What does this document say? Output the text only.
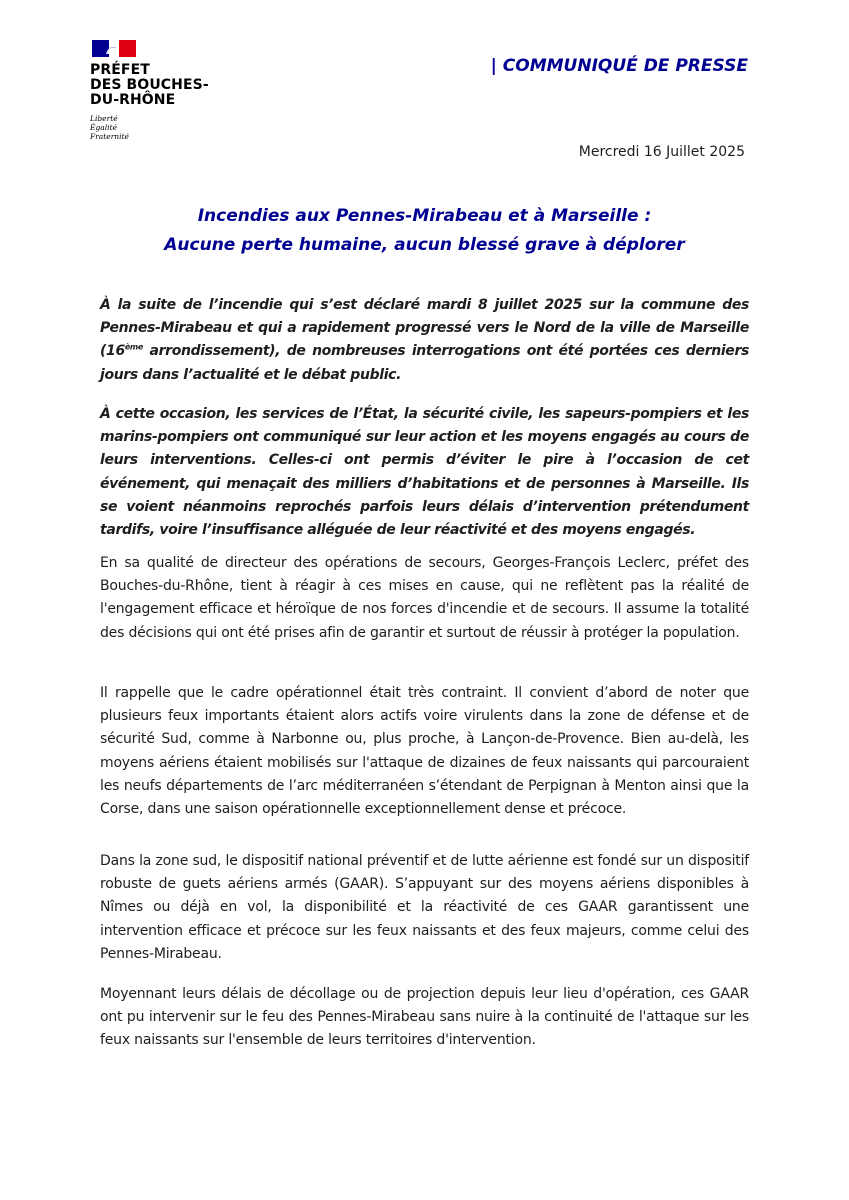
PRÉFET
DES BOUCHES-
DU-RHÔNE
Liberté
Égalité
Fraternité
| COMMUNIQUÉ DE PRESSE
Mercredi 16 Juillet 2025
Incendies aux Pennes-Mirabeau et à Marseille :
Aucune perte humaine, aucun blessé grave à déplorer

À la suite de l’incendie qui s’est déclaré mardi 8 juillet 2025 sur la commune des Pennes-Mirabeau et qui a rapidement progressé vers le Nord de la ville de Marseille (16ème arrondissement), de nombreuses interrogations ont été portées ces derniers jours dans l’actualité et le débat public.

À cette occasion, les services de l’État, la sécurité civile, les sapeurs-pompiers et les marins-pompiers ont communiqué sur leur action et les moyens engagés au cours de leurs interventions. Celles-ci ont permis d’éviter le pire à l’occasion de cet événement, qui menaçait des milliers d’habitations et de personnes à Marseille. Ils se voient néanmoins reprochés parfois leurs délais d’intervention prétendument tardifs, voire l’insuffisance alléguée de leur réactivité et des moyens engagés.

En sa qualité de directeur des opérations de secours, Georges-François Leclerc, préfet des Bouches-du-Rhône, tient à réagir à ces mises en cause, qui ne reflètent pas la réalité de l'engagement efficace et héroïque de nos forces d'incendie et de secours. Il assume la totalité des décisions qui ont été prises afin de garantir et surtout de réussir à protéger la population.

Il rappelle que le cadre opérationnel était très contraint. Il convient d’abord de noter que plusieurs feux importants étaient alors actifs voire virulents dans la zone de défense et de sécurité Sud, comme à Narbonne ou, plus proche, à Lançon-de-Provence. Bien au-delà, les moyens aériens étaient mobilisés sur l'attaque de dizaines de feux naissants qui parcouraient les neufs départements de l’arc méditerranéen s’étendant de Perpignan à Menton ainsi que la Corse, dans une saison opérationnelle exceptionnellement dense et précoce.

Dans la zone sud, le dispositif national préventif et de lutte aérienne est fondé sur un dispositif robuste de guets aériens armés (GAAR). S’appuyant sur des moyens aériens disponibles à Nîmes ou déjà en vol, la disponibilité et la réactivité de ces GAAR garantissent une intervention efficace et précoce sur les feux naissants et des feux majeurs, comme celui des Pennes-Mirabeau.

Moyennant leurs délais de décollage ou de projection depuis leur lieu d'opération, ces GAAR ont pu intervenir sur le feu des Pennes-Mirabeau sans nuire à la continuité de l'attaque sur les feux naissants sur l'ensemble de leurs territoires d'intervention.
